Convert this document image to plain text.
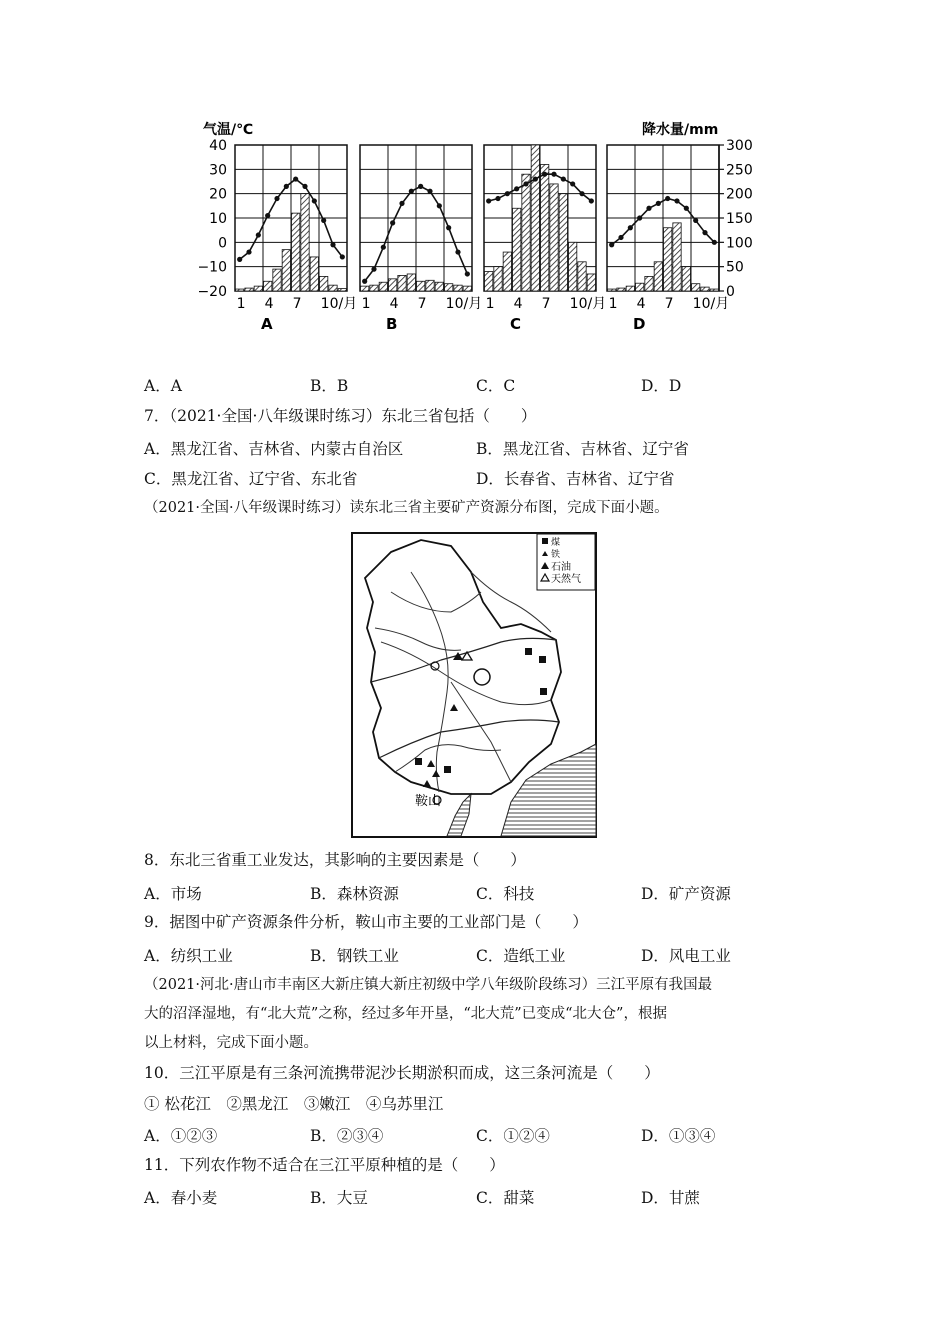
气温/℃	降水量/mm
40
30
20
10
0
−10
−20
300
250
200
150
100
50
0
1 4 7 10/月
A
1 4 7 10/月
B
1 4 7 10/月
C
1 4 7 10/月
D
A．A	B．B	C．C	D．D
7．（2021·全国·八年级课时练习）东北三省包括（　　）
A．黑龙江省、吉林省、内蒙古自治区	B．黑龙江省、吉林省、辽宁省
C．黑龙江省、辽宁省、东北省	D．长春省、吉林省、辽宁省
（2021·全国·八年级课时练习）读东北三省主要矿产资源分布图，完成下面小题。
煤
铁
石油
天然气
鞍山
8．东北三省重工业发达，其影响的主要因素是（　　）
A．市场	B．森林资源	C．科技	D．矿产资源
9．据图中矿产资源条件分析，鞍山市主要的工业部门是（　　）
A．纺织工业	B．钢铁工业	C．造纸工业	D．风电工业
（2021·河北·唐山市丰南区大新庄镇大新庄初级中学八年级阶段练习）三江平原有我国最
大的沼泽湿地，有“北大荒”之称，经过多年开垦，“北大荒”已变成“北大仓”，根据
以上材料，完成下面小题。
10．三江平原是有三条河流携带泥沙长期淤积而成，这三条河流是（　　）
① 松花江　②黑龙江　③嫩江　④乌苏里江
A．①②③	B．②③④	C．①②④	D．①③④
11．下列农作物不适合在三江平原种植的是（　　）
A．春小麦	B．大豆	C．甜菜	D．甘蔗
